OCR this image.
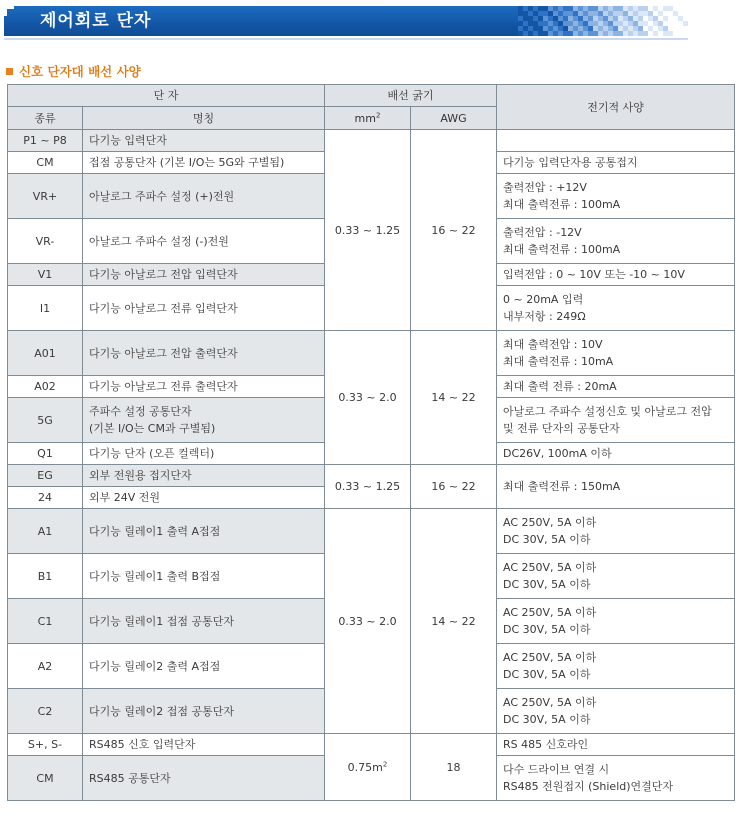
제어회로 단자
신호 단자대 배선 사양
단 자		배선 굵기		전기적 사양
종류	명칭	$mm^2$	AWG	
P1 ~ P8	다기능 입력단자	0.33 ~ 1.25	16 ~ 22	
CM	접점 공통단자 (기본 I/O는 5G와 구별됨)			다기능 입력단자용 공통접지

VR+	아날로그 주파수 설정 (+)전원			출력전압 : +12V
최대 출력전류 : 100mA

VR-	아날로그 주파수 설정 (-)전원			출력전압 : -12V
최대 출력전류 : 100mA

V1	다기능 아날로그 전압 입력단자			입력전압 : 0 ~ 10V 또는 -10 ~ 10V

I1	다기능 아날로그 전류 입력단자			0 ~ 20mA 입력
내부저항 : 249Ω

A01	다기능 아날로그 전압 출력단자	0.33 ~ 2.0	14 ~ 22	최대 출력전압 : 10V
최대 출력전류 : 10mA

A02	다기능 아날로그 전류 출력단자			최대 출력 전류 : 20mA

5G	주파수 설정 공통단자
(기본 I/O는 CM과 구별됨)			아날로그 주파수 설정신호 및 아날로그 전압
및 전류 단자의 공통단자

Q1	다기능 단자 (오픈 컬렉터)			DC26V, 100mA 이하

EG	외부 전원용 접지단자	0.33 ~ 1.25	16 ~ 22	최대 출력전류 : 150mA

24	외부 24V 전원			

A1	다기능 릴레이1 출력 A접점	0.33 ~ 2.0	14 ~ 22	AC 250V, 5A 이하
DC 30V, 5A 이하

B1	다기능 릴레이1 출력 B접점			AC 250V, 5A 이하
DC 30V, 5A 이하

C1	다기능 릴레이1 접점 공통단자			AC 250V, 5A 이하
DC 30V, 5A 이하

A2	다기능 릴레이2 출력 A접점			AC 250V, 5A 이하
DC 30V, 5A 이하

C2	다기능 릴레이2 접점 공통단자			AC 250V, 5A 이하
DC 30V, 5A 이하

S+, S-	RS485 신호 입력단자	$0.75m^2$	18	RS 485 신호라인

CM	RS485 공통단자			다수 드라이브 연결 시
RS485 전원접지 (Shield)연결단자
